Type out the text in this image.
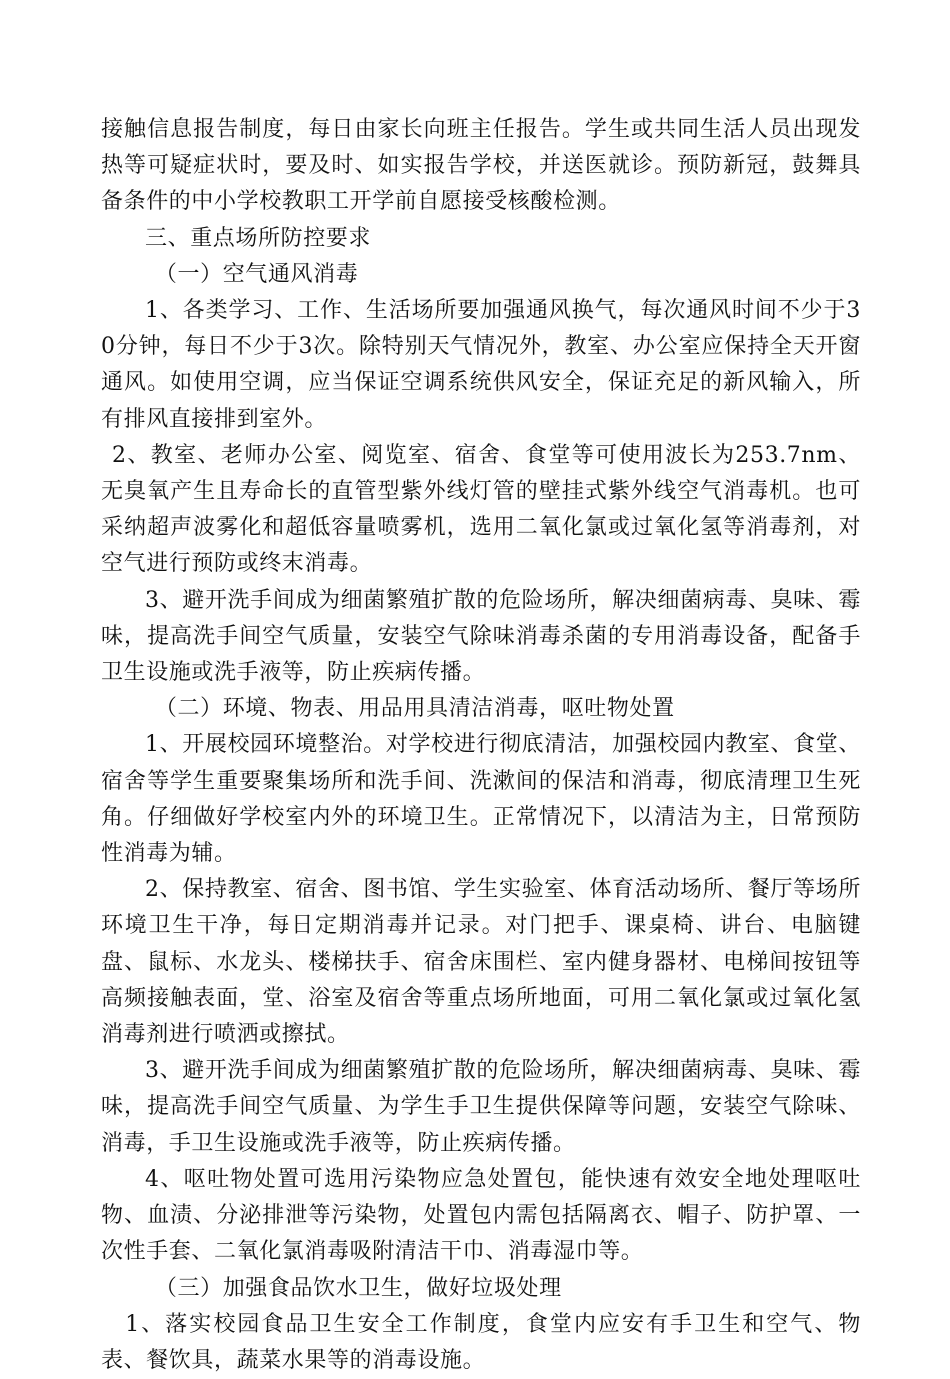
接触信息报告制度，每日由家长向班主任报告。学生或共同生活人员出现发热等可疑症状时，要及时、如实报告学校，并送医就诊。预防新冠，鼓舞具备条件的中小学校教职工开学前自愿接受核酸检测。

三、重点场所防控要求

（一）空气通风消毒

1、各类学习、工作、生活场所要加强通风换气，每次通风时间不少于30分钟，每日不少于3次。除特别天气情况外，教室、办公室应保持全天开窗通风。如使用空调，应当保证空调系统供风安全，保证充足的新风输入，所有排风直接排到室外。

2、教室、老师办公室、阅览室、宿舍、食堂等可使用波长为253.7nm、无臭氧产生且寿命长的直管型紫外线灯管的壁挂式紫外线空气消毒机。也可采纳超声波雾化和超低容量喷雾机，选用二氧化氯或过氧化氢等消毒剂，对空气进行预防或终末消毒。

3、避开洗手间成为细菌繁殖扩散的危险场所，解决细菌病毒、臭味、霉味，提高洗手间空气质量，安装空气除味消毒杀菌的专用消毒设备，配备手卫生设施或洗手液等，防止疾病传播。

（二）环境、物表、用品用具清洁消毒，呕吐物处置

1、开展校园环境整治。对学校进行彻底清洁，加强校园内教室、食堂、宿舍等学生重要聚集场所和洗手间、洗漱间的保洁和消毒，彻底清理卫生死角。仔细做好学校室内外的环境卫生。正常情况下，以清洁为主，日常预防性消毒为辅。

2、保持教室、宿舍、图书馆、学生实验室、体育活动场所、餐厅等场所环境卫生干净，每日定期消毒并记录。对门把手、课桌椅、讲台、电脑键盘、鼠标、水龙头、楼梯扶手、宿舍床围栏、室内健身器材、电梯间按钮等高频接触表面，堂、浴室及宿舍等重点场所地面，可用二氧化氯或过氧化氢消毒剂进行喷洒或擦拭。

3、避开洗手间成为细菌繁殖扩散的危险场所，解决细菌病毒、臭味、霉味，提高洗手间空气质量、为学生手卫生提供保障等问题，安装空气除味、消毒，手卫生设施或洗手液等，防止疾病传播。

4、呕吐物处置可选用污染物应急处置包，能快速有效安全地处理呕吐物、血渍、分泌排泄等污染物，处置包内需包括隔离衣、帽子、防护罩、一次性手套、二氧化氯消毒吸附清洁干巾、消毒湿巾等。

（三）加强食品饮水卫生，做好垃圾处理

1、落实校园食品卫生安全工作制度，食堂内应安有手卫生和空气、物表、餐饮具，蔬菜水果等的消毒设施。
